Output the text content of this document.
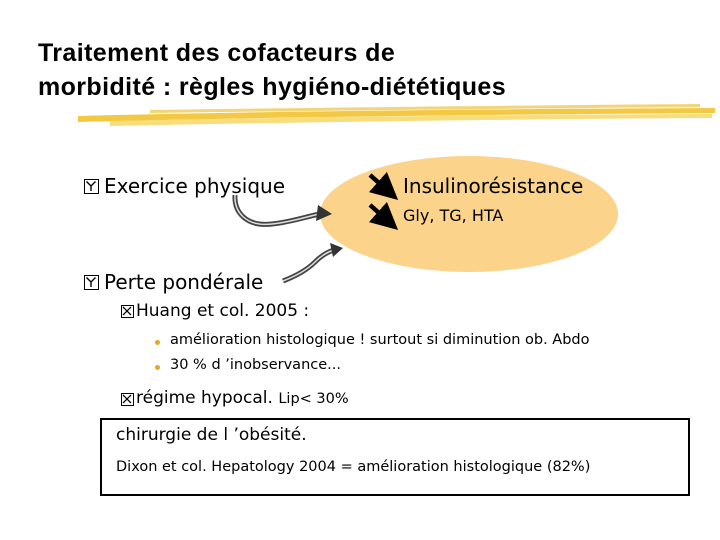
Traitement des cofacteurs de
morbidité : règles hygiéno-diététiques
Exercice physique	Insulinorésistance
Gly, TG, HTA
Perte pondérale
Huang et col. 2005 :
amélioration histologique ! surtout si diminution ob. Abdo
30 % d ’inobservance...
régime hypocal. Lip< 30%
chirurgie de l ’obésité.
Dixon et col. Hepatology 2004 = amélioration histologique (82%)
